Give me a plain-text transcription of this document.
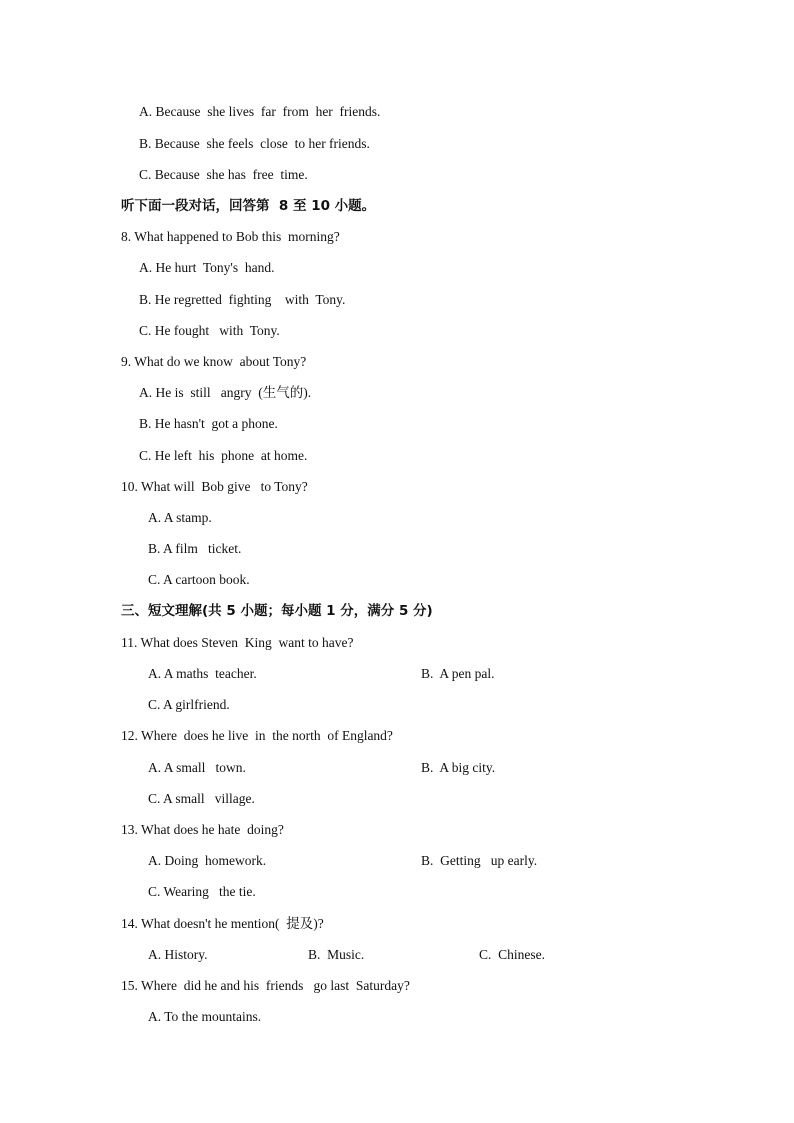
A. Because  she lives  far  from  her  friends.
B. Because  she feels  close  to her friends.
C. Because  she has  free  time.
听下面一段对话，回答第  8 至 10 小题。
8. What happened to Bob this  morning?
A. He hurt  Tony's  hand.
B. He regretted  fighting    with  Tony.
C. He fought   with  Tony.
9. What do we know  about Tony?
A. He is  still   angry  (生气的).
B. He hasn't  got a phone.
C. He left  his  phone  at home.
10. What will  Bob give   to Tony?
A. A stamp.
B. A film   ticket.
C. A cartoon book.
三、短文理解(共 5 小题；每小题 1 分，满分 5 分)
11. What does Steven  King  want to have?
A. A maths  teacher.	B.  A pen pal.
C. A girlfriend.
12. Where  does he live  in  the north  of England?
A. A small   town.	B.  A big city.
C. A small   village.
13. What does he hate  doing?
A. Doing  homework.	B.  Getting   up early.
C. Wearing   the tie.
14. What doesn't he mention(  提及)?
A. History.	B.  Music.	C.  Chinese.
15. Where  did he and his  friends   go last  Saturday?
A. To the mountains.
